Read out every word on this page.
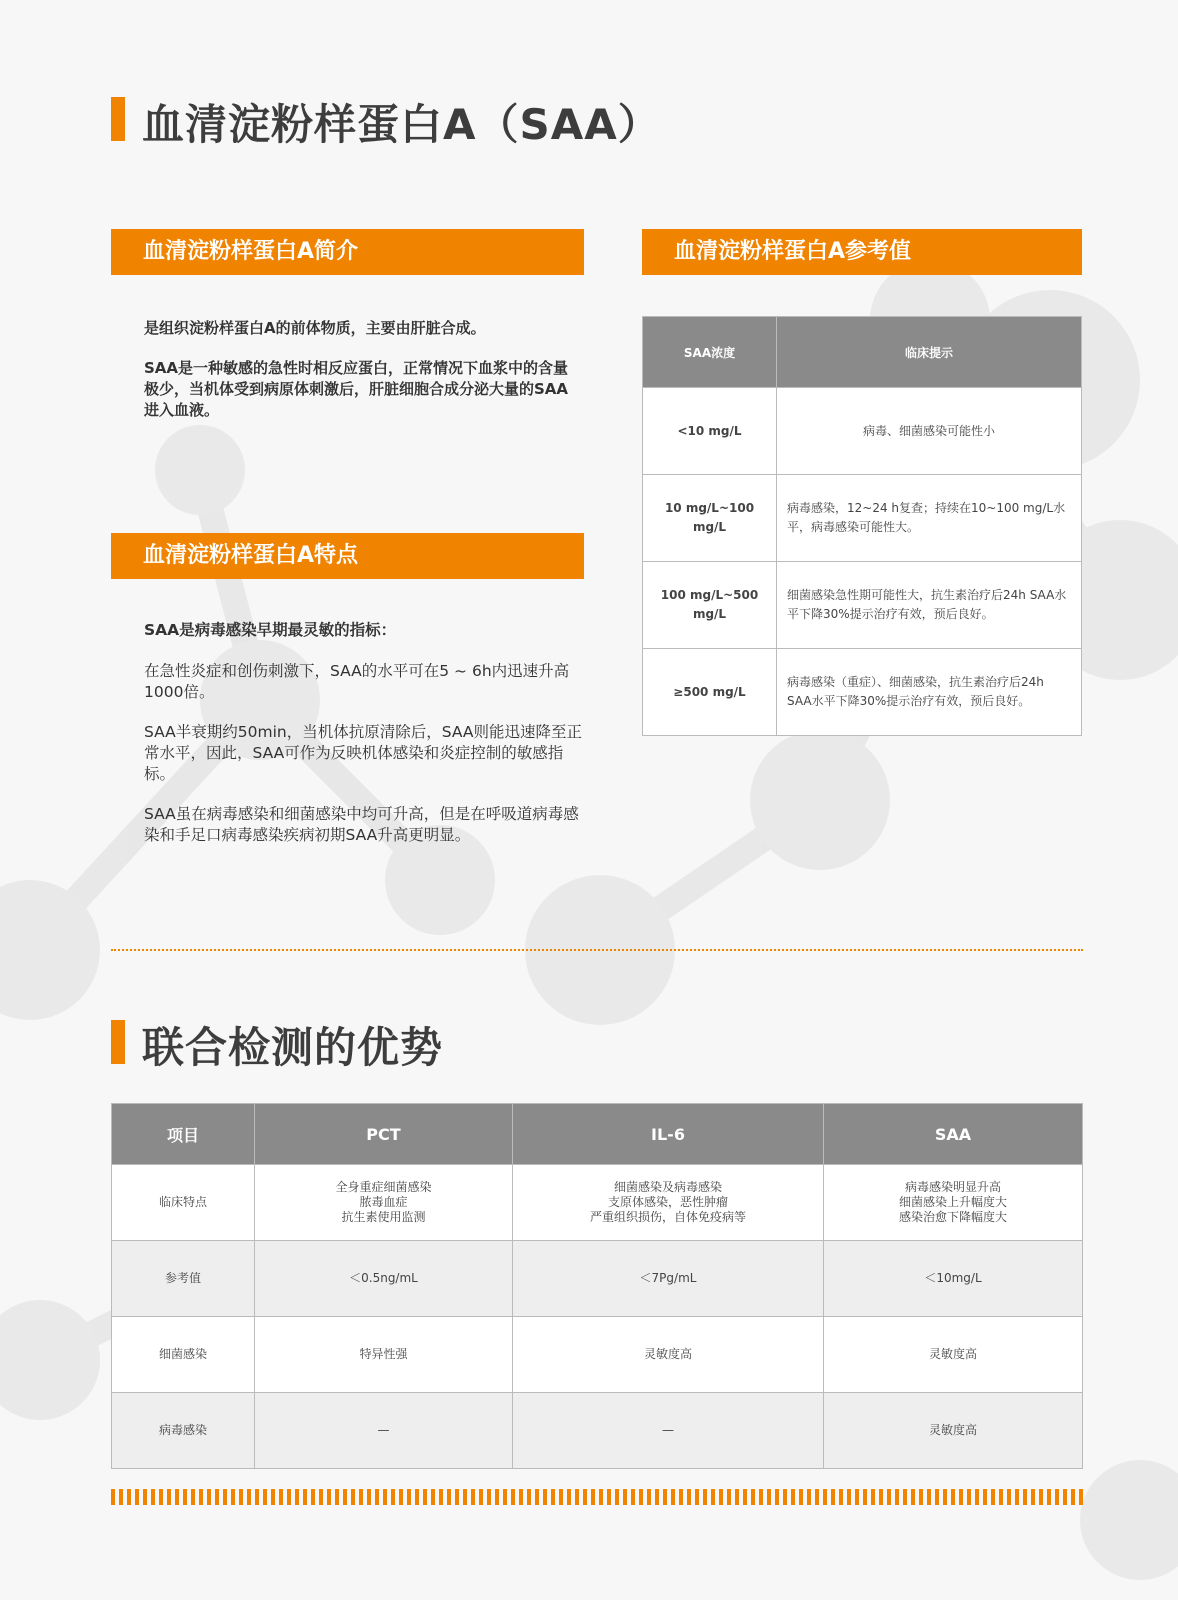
血清淀粉样蛋白A（SAA）
血清淀粉样蛋白A简介

是组织淀粉样蛋白A的前体物质，主要由肝脏合成。

SAA是一种敏感的急性时相反应蛋白，正常情况下血浆中的含量极少，当机体受到病原体刺激后，肝脏细胞合成分泌大量的SAA进入血液。

血清淀粉样蛋白A特点

SAA是病毒感染早期最灵敏的指标：

在急性炎症和创伤刺激下，SAA的水平可在5 ~ 6h内迅速升高1000倍。

SAA半衰期约50min，当机体抗原清除后，SAA则能迅速降至正常水平，因此，SAA可作为反映机体感染和炎症控制的敏感指标。

SAA虽在病毒感染和细菌感染中均可升高，但是在呼吸道病毒感染和手足口病毒感染疾病初期SAA升高更明显。

血清淀粉样蛋白A参考值
SAA浓度	临床提示
<10 mg/L	病毒、细菌感染可能性小
10 mg/L~100 mg/L	病毒感染，12~24 h复查；持续在10~100 mg/L水平，病毒感染可能性大。
100 mg/L~500 mg/L	细菌感染急性期可能性大，抗生素治疗后24h SAA水平下降30%提示治疗有效，预后良好。
≥500 mg/L	病毒感染（重症）、细菌感染，抗生素治疗后24h SAA水平下降30%提示治疗有效，预后良好。
联合检测的优势
项目	PCT	IL-6	SAA
临床特点	全身重症细菌感染
脓毒血症
抗生素使用监测	细菌感染及病毒感染
支原体感染，恶性肿瘤
严重组织损伤，自体免疫病等	病毒感染明显升高
细菌感染上升幅度大
感染治愈下降幅度大

参考值	＜0.5ng/mL	＜7Pg/mL	＜10mg/L
细菌感染	特异性强	灵敏度高	灵敏度高
病毒感染	—	—	灵敏度高
